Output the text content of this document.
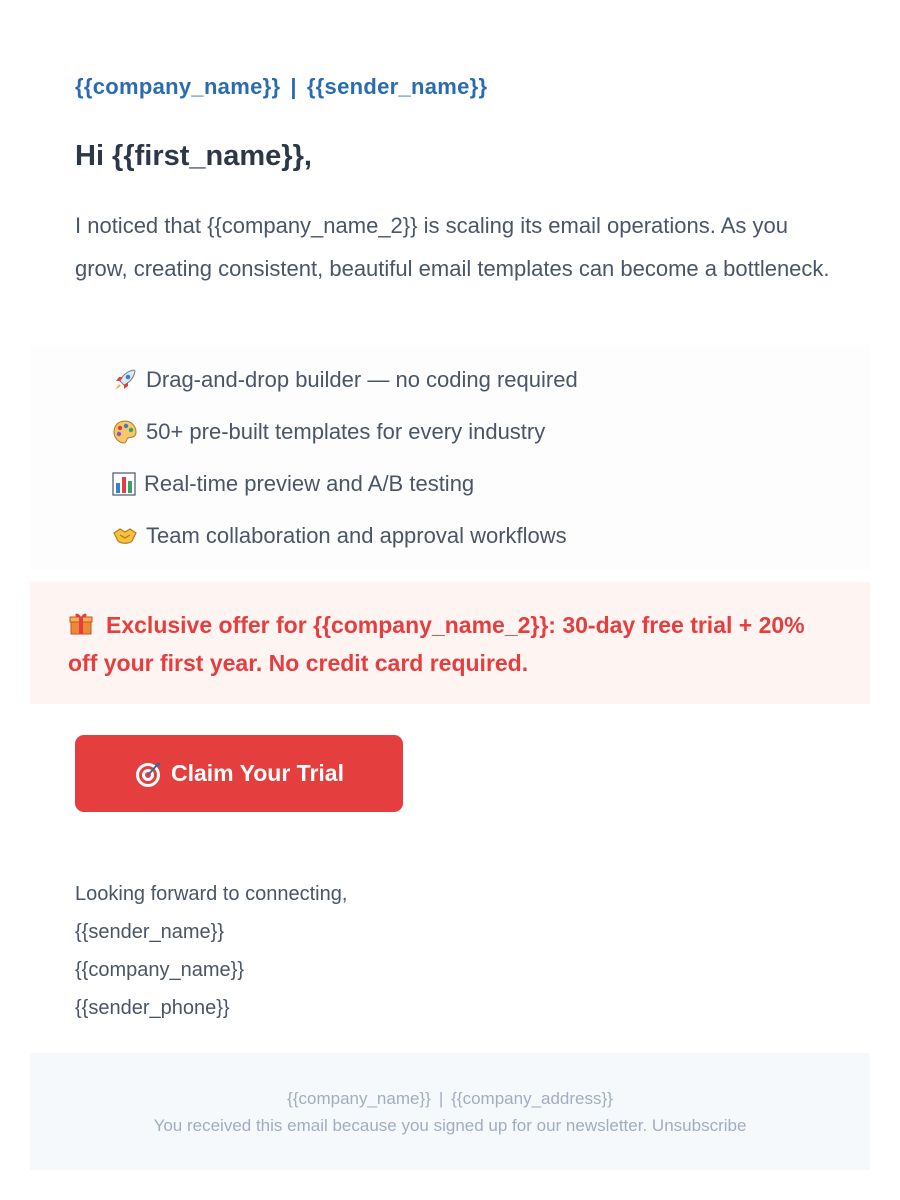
{{company_name}} | {{sender_name}}
Hi {{first_name}},

I noticed that {{company_name_2}} is scaling its email operations. As you grow, creating consistent, beautiful email templates can become a bottleneck.

Drag-and-drop builder — no coding required
50+ pre-built templates for every industry
Real-time preview and A/B testing
Team collaboration and approval workflows
Exclusive offer for {{company_name_2}}: 30-day free trial + 20% off your first year. No credit card required.
Claim Your Trial
Looking forward to connecting,
{{sender_name}}
{{company_name}}
{{sender_phone}}
{{company_name}} | {{company_address}}
You received this email because you signed up for our newsletter. Unsubscribe
